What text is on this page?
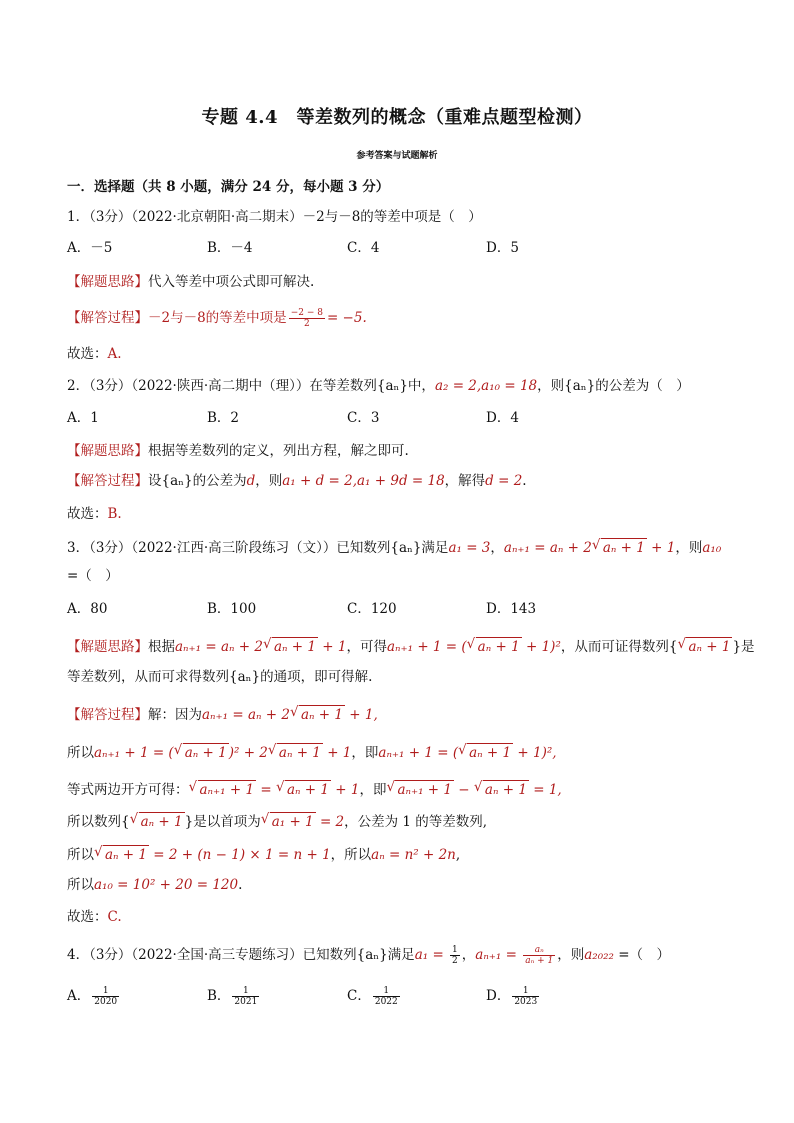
专题 4.4　等差数列的概念（重难点题型检测）
参考答案与试题解析
一．选择题（共 8 小题，满分 24 分，每小题 3 分）
1．（3分）（2022·北京朝阳·高二期末）－2与－8的等差中项是（　）
A．－5	B．－4	C．4	D．5
【解题思路】代入等差中项公式即可解决.
【解答过程】－2与－8的等差中项是 $\frac{-2 - 8}{2} = -5$.
故选：A.
2．（3分）（2022·陕西·高二期中（理））在等差数列{aₙ}中，a₂ = 2,a₁₀ = 18，则{aₙ}的公差为（　）
A．1	B．2	C．3	D．4
【解题思路】根据等差数列的定义，列出方程，解之即可.
【解答过程】设{aₙ}的公差为d，则a₁ + d = 2,a₁ + 9d = 18，解得d = 2.
故选：B.
3．（3分）（2022·江西·高三阶段练习（文））已知数列{aₙ}满足a₁ = 3，aₙ₊₁ = aₙ + 2 √ aₙ + 1 + 1，则a₁₀
=（　）
A．80	B．100	C．120	D．143
【解题思路】根据aₙ₊₁ = aₙ + 2 √ aₙ + 1 + 1，可得aₙ₊₁ + 1 = ( √ aₙ + 1 + 1)²，从而可证得数列{ √ aₙ + 1 }是
等差数列，从而可求得数列{aₙ}的通项，即可得解.
【解答过程】解：因为aₙ₊₁ = aₙ + 2 √ aₙ + 1 + 1,
所以aₙ₊₁ + 1 = ( √ aₙ + 1 )² + 2 √ aₙ + 1 + 1，即aₙ₊₁ + 1 = ( √ aₙ + 1 + 1)²,
等式两边开方可得： √ aₙ₊₁ + 1 = √ aₙ + 1 + 1，即 √ aₙ₊₁ + 1 − √ aₙ + 1 = 1,
所以数列{ √ aₙ + 1 }是以首项为 √ a₁ + 1 = 2，公差为 1 的等差数列,
所以 √ aₙ + 1 = 2 + (n − 1) × 1 = n + 1，所以aₙ = n² + 2n,
所以a₁₀ = 10² + 20 = 120.
故选：C.
4．（3分）（2022·全国·高三专题练习）已知数列{aₙ}满足$a_1 = \frac{1}{2}$ ，$a_{n+1} = \frac{\text{aₙ}}{\text{aₙ + 1}}$ ，则a₂₀₂₂ =（　）
A． $\frac{1}{2020}$	B． $\frac{1}{2021}$	C． $\frac{1}{2022}$	D． $\frac{1}{2023}$
